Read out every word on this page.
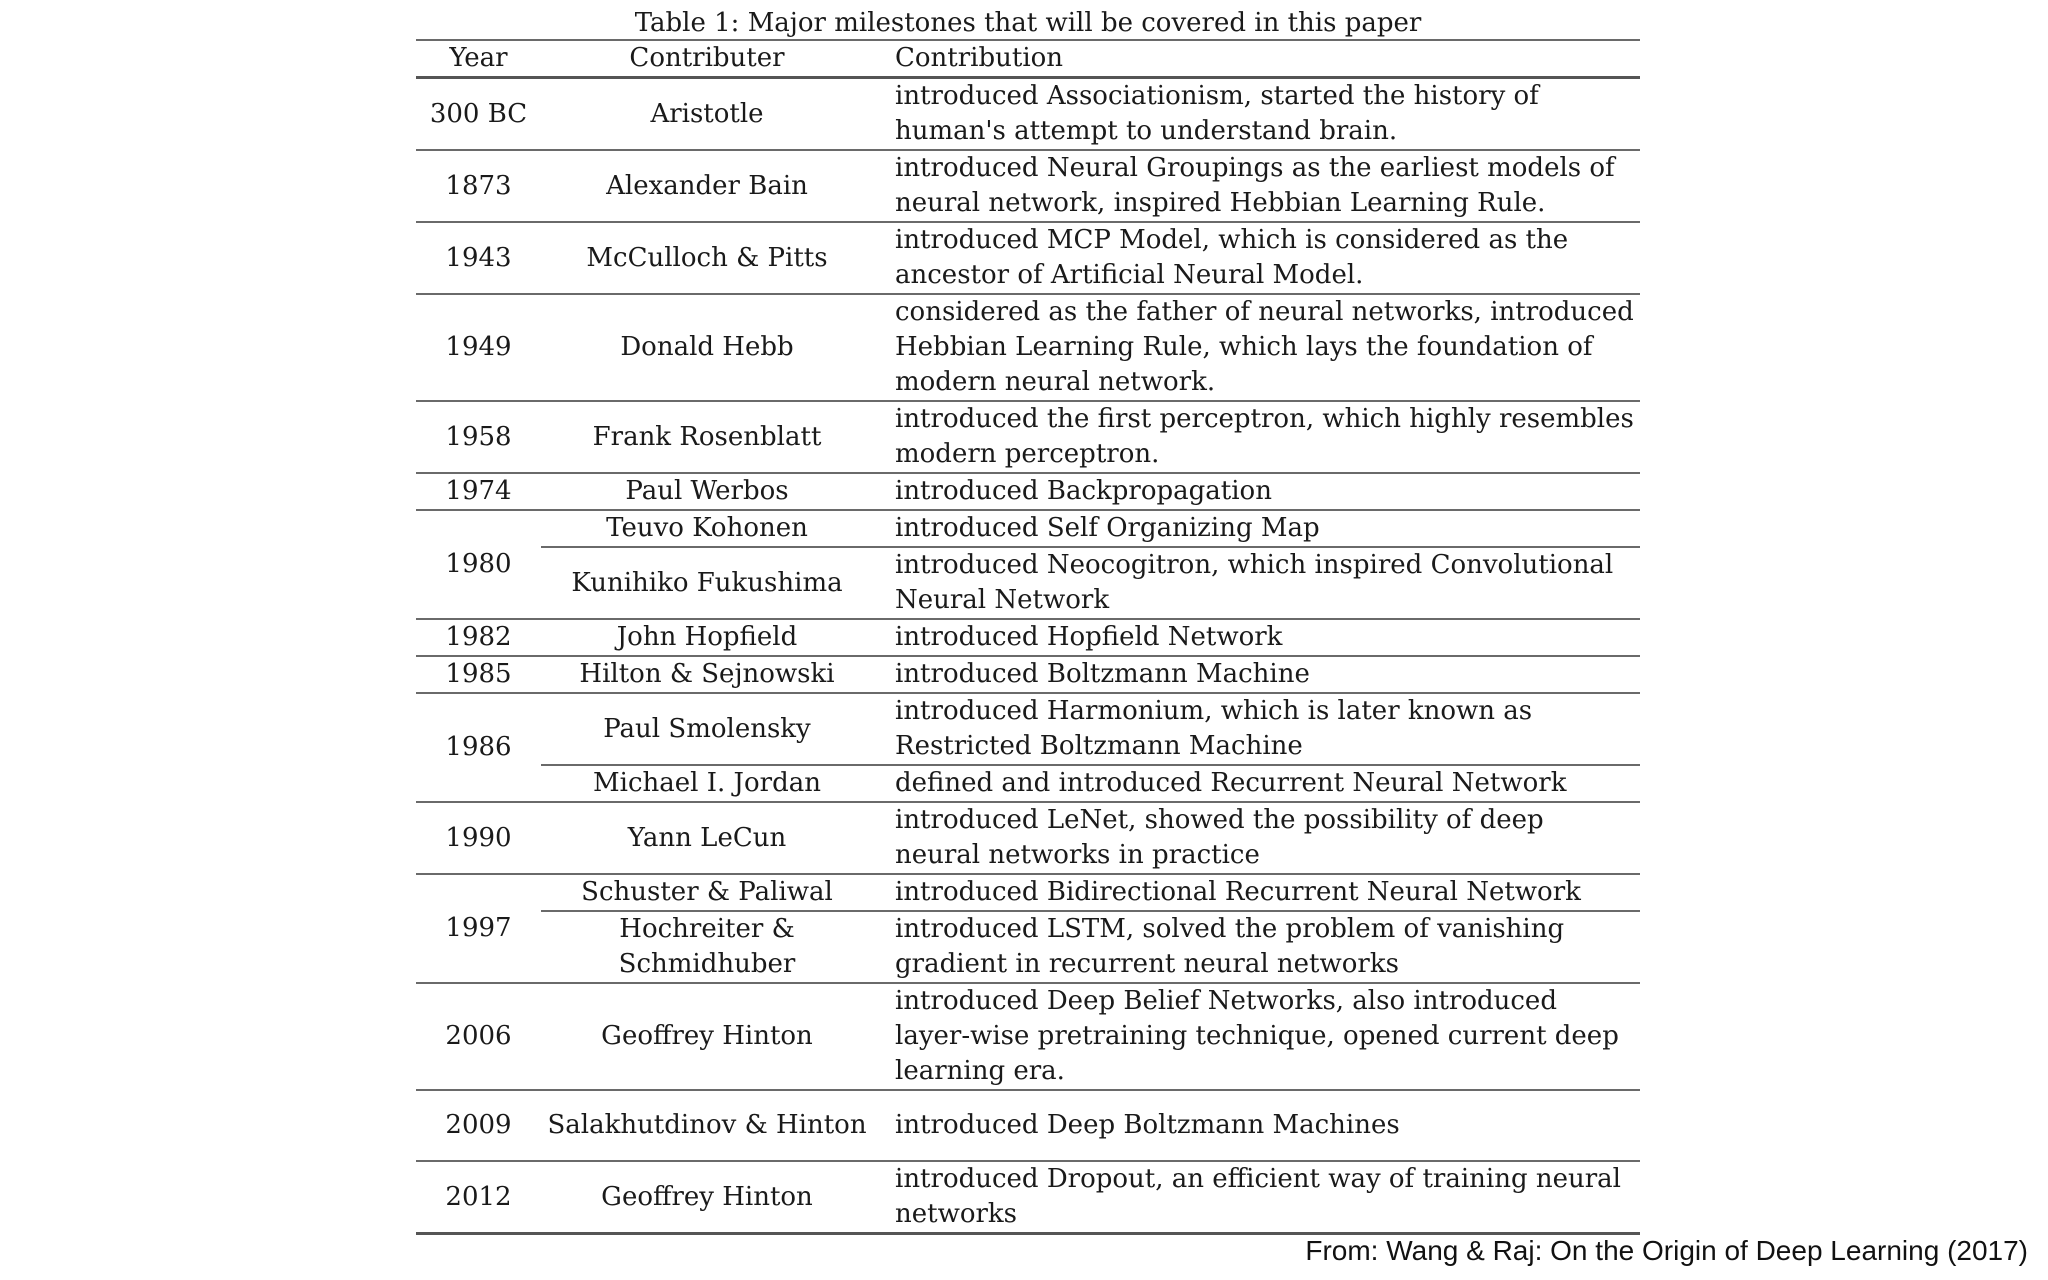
Table 1: Major milestones that will be covered in this paper
Year	Contributer	Contribution
300 BC	Aristotle	introduced Associationism, started the history of human's attempt to understand brain.
1873	Alexander Bain	introduced Neural Groupings as the earliest models of neural network, inspired Hebbian Learning Rule.
1943	McCulloch & Pitts	introduced MCP Model, which is considered as the ancestor of Artificial Neural Model.
1949	Donald Hebb	considered as the father of neural networks, introduced Hebbian Learning Rule, which lays the foundation of modern neural network.
1958	Frank Rosenblatt	introduced the first perceptron, which highly resembles modern perceptron.
1974	Paul Werbos	introduced Backpropagation
1980	Teuvo Kohonen	introduced Self Organizing Map
	Kunihiko Fukushima	introduced Neocogitron, which inspired Convolutional Neural Network
1982	John Hopfield	introduced Hopfield Network
1985	Hilton & Sejnowski	introduced Boltzmann Machine
1986	Paul Smolensky	introduced Harmonium, which is later known as Restricted Boltzmann Machine
	Michael I. Jordan	defined and introduced Recurrent Neural Network
1990	Yann LeCun	introduced LeNet, showed the possibility of deep neural networks in practice
1997	Schuster & Paliwal	introduced Bidirectional Recurrent Neural Network
	Hochreiter & Schmidhuber	introduced LSTM, solved the problem of vanishing gradient in recurrent neural networks
2006	Geoffrey Hinton	introduced Deep Belief Networks, also introduced layer-wise pretraining technique, opened current deep learning era.
2009	Salakhutdinov & Hinton	introduced Deep Boltzmann Machines
2012	Geoffrey Hinton	introduced Dropout, an efficient way of training neural networks
From: Wang & Raj: On the Origin of Deep Learning (2017)
